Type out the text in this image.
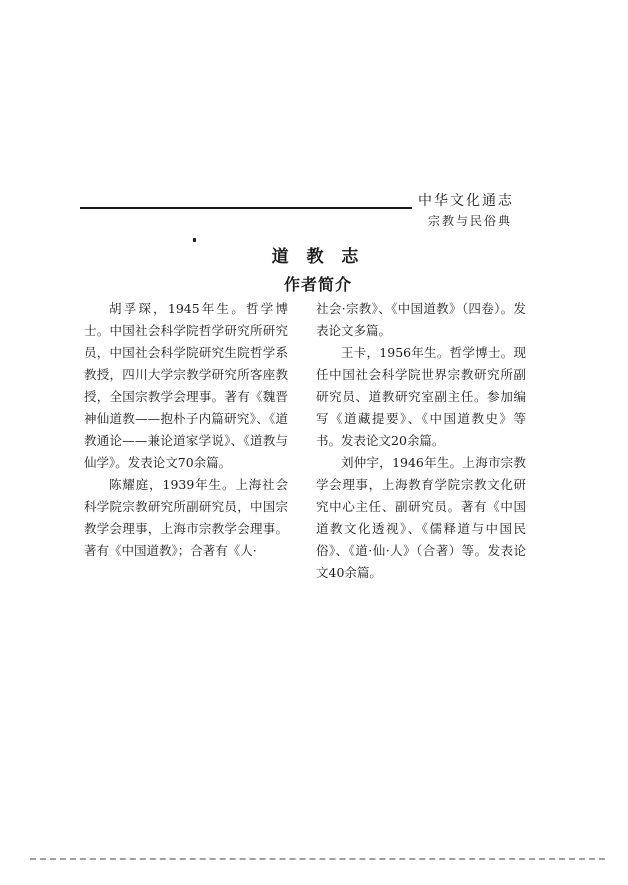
中华文化通志
宗教与民俗典
道 教 志
作者简介

胡孚琛，1945年生。哲学博士。中国社会科学院哲学研究所研究员，中国社会科学院研究生院哲学系教授，四川大学宗教学研究所客座教授，全国宗教学会理事。著有《魏晋神仙道教——抱朴子内篇研究》、《道教通论——兼论道家学说》、《道教与仙学》。发表论文70余篇。

陈耀庭，1939年生。上海社会科学院宗教研究所副研究员，中国宗教学会理事，上海市宗教学会理事。著有《中国道教》；合著有《人·

社会·宗教》、《中国道教》（四卷）。发表论文多篇。

王卡，1956年生。哲学博士。现任中国社会科学院世界宗教研究所副研究员、道教研究室副主任。参加编写《道藏提要》、《中国道教史》等书。发表论文20余篇。

刘仲宇，1946年生。上海市宗教学会理事，上海教育学院宗教文化研究中心主任、副研究员。著有《中国道教文化透视》、《儒释道与中国民俗》、《道·仙·人》（合著）等。发表论文40余篇。
